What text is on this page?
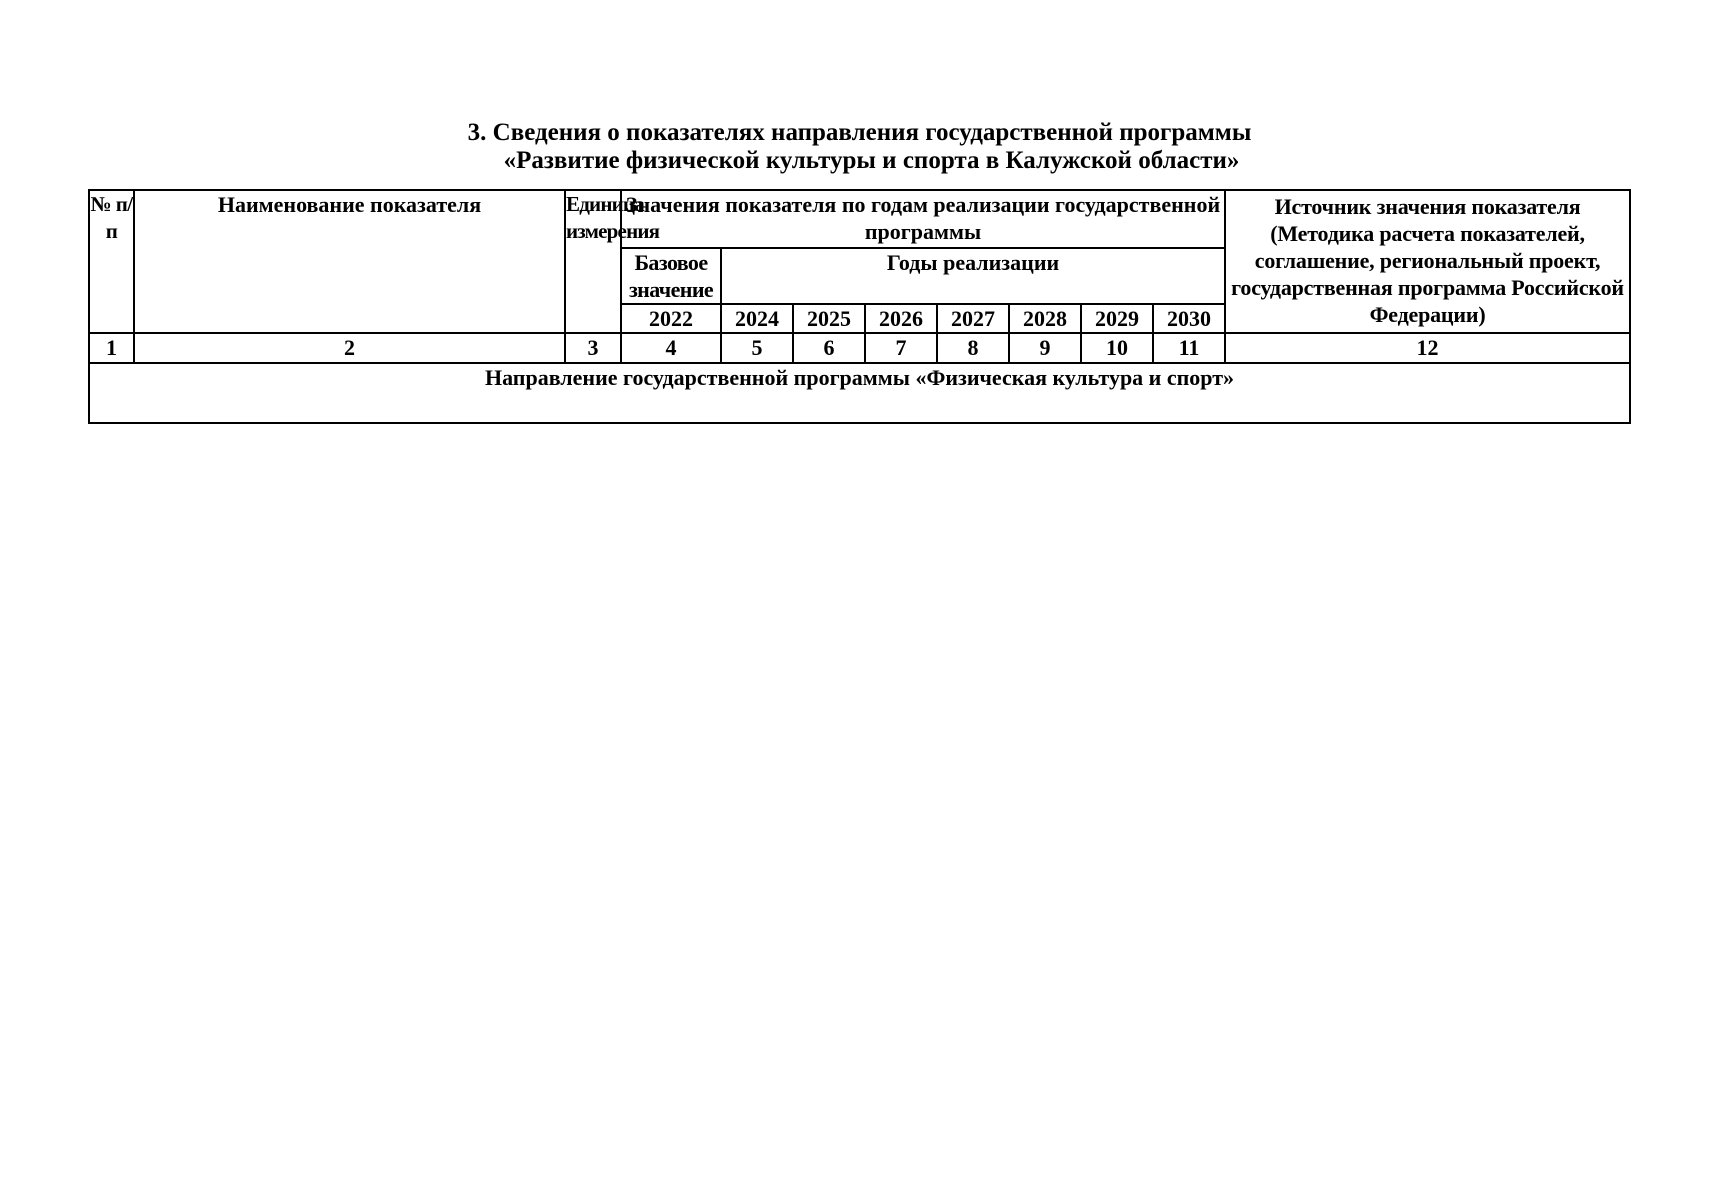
3. Сведения о показателях направления государственной программы
«Развитие физической культуры и спорта в Калужской области»
№ п/п	Наименование показателя	Единица измерения	Значения показателя по годам реализации государственной программы								Источник значения показателя (Методика расчета показателей, соглашение, региональный проект, государственная программа Российской Федерации)
			Базовое значение	Годы реализации							
			2022	2024	2025	2026	2027	2028	2029	2030	
1	2	3	4	5	6	7	8	9	10	11	12
Направление государственной программы «Физическая культура и спорт»											
